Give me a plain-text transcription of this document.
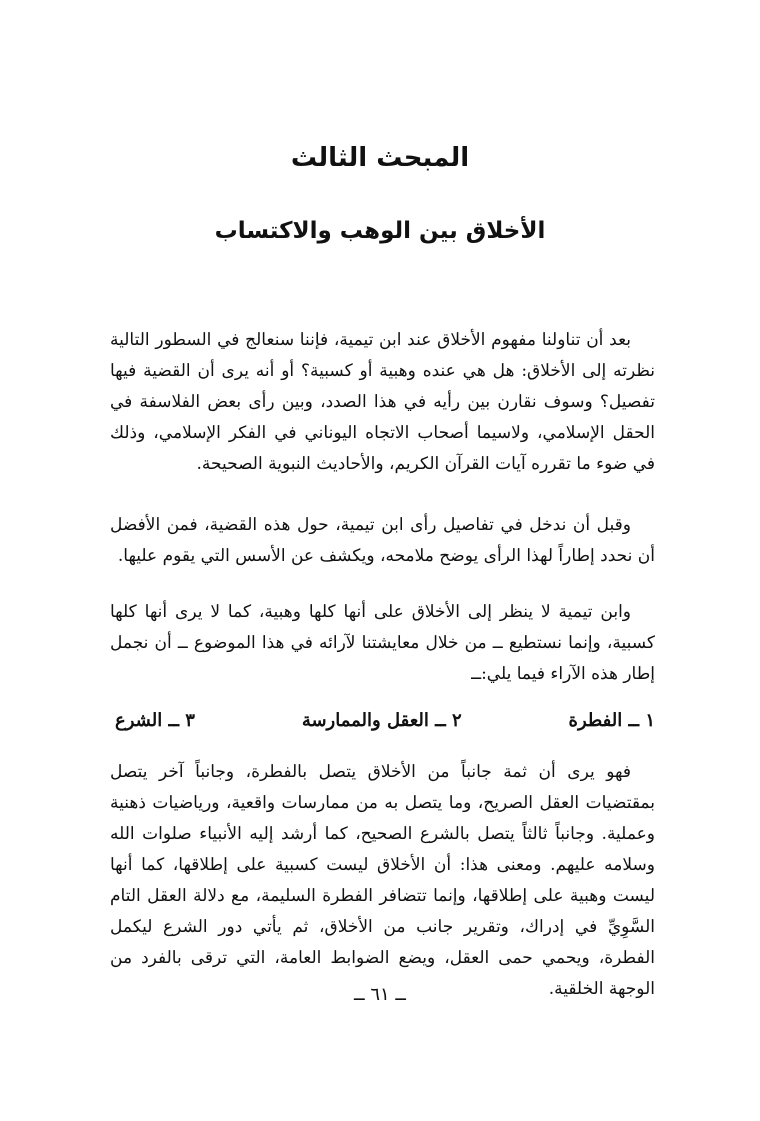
المبحث الثالث
الأخلاق بين الوهب والاكتساب

بعد أن تناولنا مفهوم الأخلاق عند ابن تيمية، فإننا سنعالج في السطور التالية نظرته إلى الأخلاق: هل هي عنده وهبية أو كسبية؟ أو أنه يرى أن القضية فيها تفصيل؟ وسوف نقارن بين رأيه في هذا الصدد، وبين رأى بعض الفلاسفة في الحقل الإسلامي، ولاسيما أصحاب الاتجاه اليوناني في الفكر الإسلامي، وذلك في ضوء ما تقرره آيات القرآن الكريم، والأحاديث النبوية الصحيحة.

وقبل أن ندخل في تفاصيل رأى ابن تيمية، حول هذه القضية، فمن الأفضل أن نحدد إطاراً لهذا الرأى يوضح ملامحه، ويكشف عن الأسس التي يقوم عليها.

وابن تيمية لا ينظر إلى الأخلاق على أنها كلها وهبية، كما لا يرى أنها كلها كسبية، وإنما نستطيع ــ من خلال معايشتنا لآرائه في هذا الموضوع ــ أن نجمل إطار هذه الآراء فيما يلي:ــ

١ ــ الفطرة
٢ ــ العقل والممارسة
٣ ــ الشرع

فهو يرى أن ثمة جانباً من الأخلاق يتصل بالفطرة، وجانباً آخر يتصل بمقتضيات العقل الصريح، وما يتصل به من ممارسات واقعية، ورياضيات ذهنية وعملية. وجانباً ثالثاً يتصل بالشرع الصحيح، كما أرشد إليه الأنبياء صلوات الله وسلامه عليهم. ومعنى هذا: أن الأخلاق ليست كسبية على إطلاقها، كما أنها ليست وهبية على إطلاقها، وإنما تتضافر الفطرة السليمة، مع دلالة العقل التام السَّوِيِّ في إدراك، وتقرير جانب من الأخلاق، ثم يأتي دور الشرع ليكمل الفطرة، ويحمي حمى العقل، ويضع الضوابط العامة، التي ترقى بالفرد من الوجهة الخلقية.

ــ ٦١ ــ
